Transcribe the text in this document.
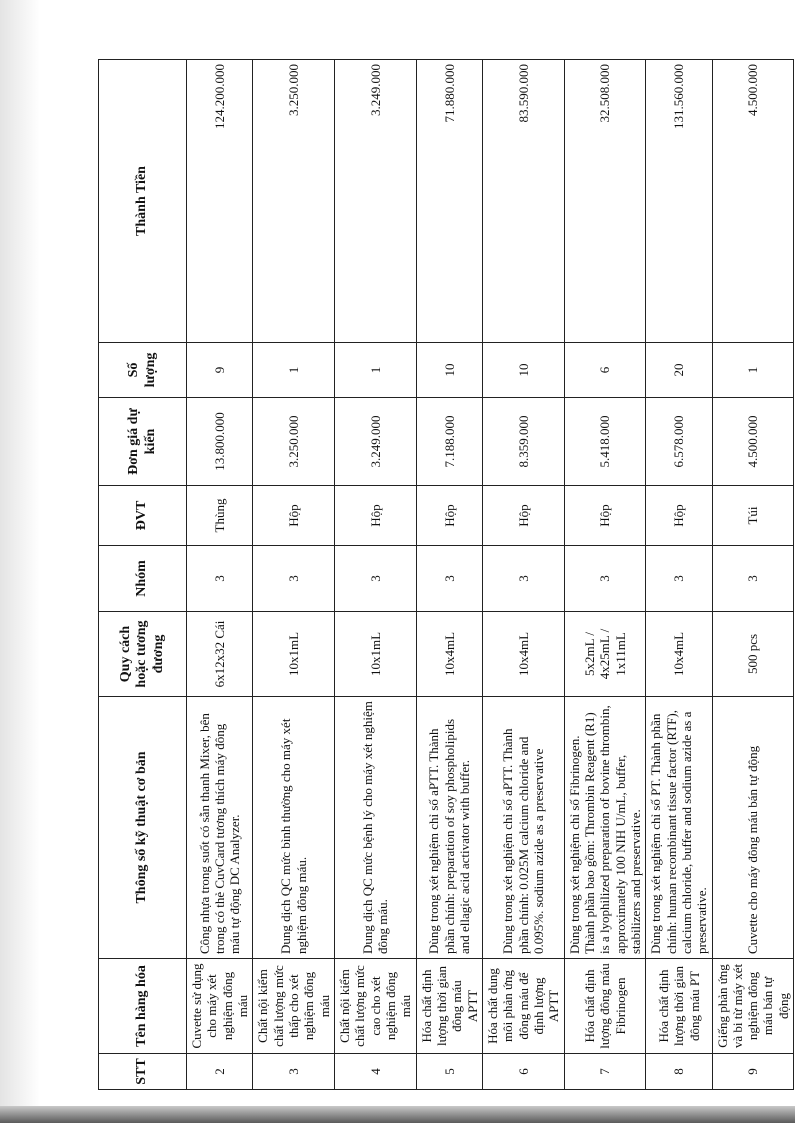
STT	Tên hàng hóa	Thông số kỹ thuật cơ bản	Quy cách hoặc tương đương	Nhóm	ĐVT	Đơn giá dự kiến	Số lượng	Thành Tiền
2	Cuvette sử dụng cho máy xét nghiệm đông máu	Công nhựa trong suốt có sẵn thanh Mixer, bên trong có thẻ CuvCard tương thích máy đông máu tự động DC Analyzer.	6x12x32 Cái	3	Thùng	13.800.000	9	124.200.000
3	Chất nội kiểm chất lượng mức thấp cho xét nghiệm đông máu	Dung dịch QC mức bình thường cho máy xét nghiệm đông máu.	10x1mL	3	Hộp	3.250.000	1	3.250.000
4	Chất nội kiểm chất lượng mức cao cho xét nghiệm đông máu	Dung dịch QC mức bệnh lý cho máy xét nghiệm đông máu.	10x1mL	3	Hộp	3.249.000	1	3.249.000
5	Hóa chất định lượng thời gian đông máu APTT	Dùng trong xét nghiệm chỉ số aPTT. Thành phần chính: preparation of soy phospholipids and ellagic acid activator with buffer.	10x4mL	3	Hộp	7.188.000	10	71.880.000
6	Hóa chất dung môi phản ứng đông máu để định lượng APTT	Dùng trong xét nghiệm chỉ số aPTT. Thành phần chính: 0.025M calcium chloride and 0.095%. sodium azide as a preservative	10x4mL	3	Hộp	8.359.000	10	83.590.000
7	Hóa chất định lượng đông máu Fibrinogen	Dùng trong xét nghiệm chỉ số Fibrinogen. Thành phần bao gồm: Thrombin Reagent (R1) is a lyophilized preparation of bovine thrombin, approximately 100 NIH U/mL, buffer, stabilizers and preservative.	5x2mL / 4x25mL / 1x11mL	3	Hộp	5.418.000	6	32.508.000
8	Hóa chất định lượng thời gian đông máu PT	Dùng trong xét nghiệm chỉ số PT. Thành phần chính: human recombinant tissue factor (RTF), calcium chloride, buffer and sodium azide as a preservative.	10x4mL	3	Hộp	6.578.000	20	131.560.000
9	Giếng phản ứng và bi từ máy xét nghiệm đông máu bán tự động	Cuvette cho máy đông máu bán tự động	500 pcs	3	Túi	4.500.000	1	4.500.000
